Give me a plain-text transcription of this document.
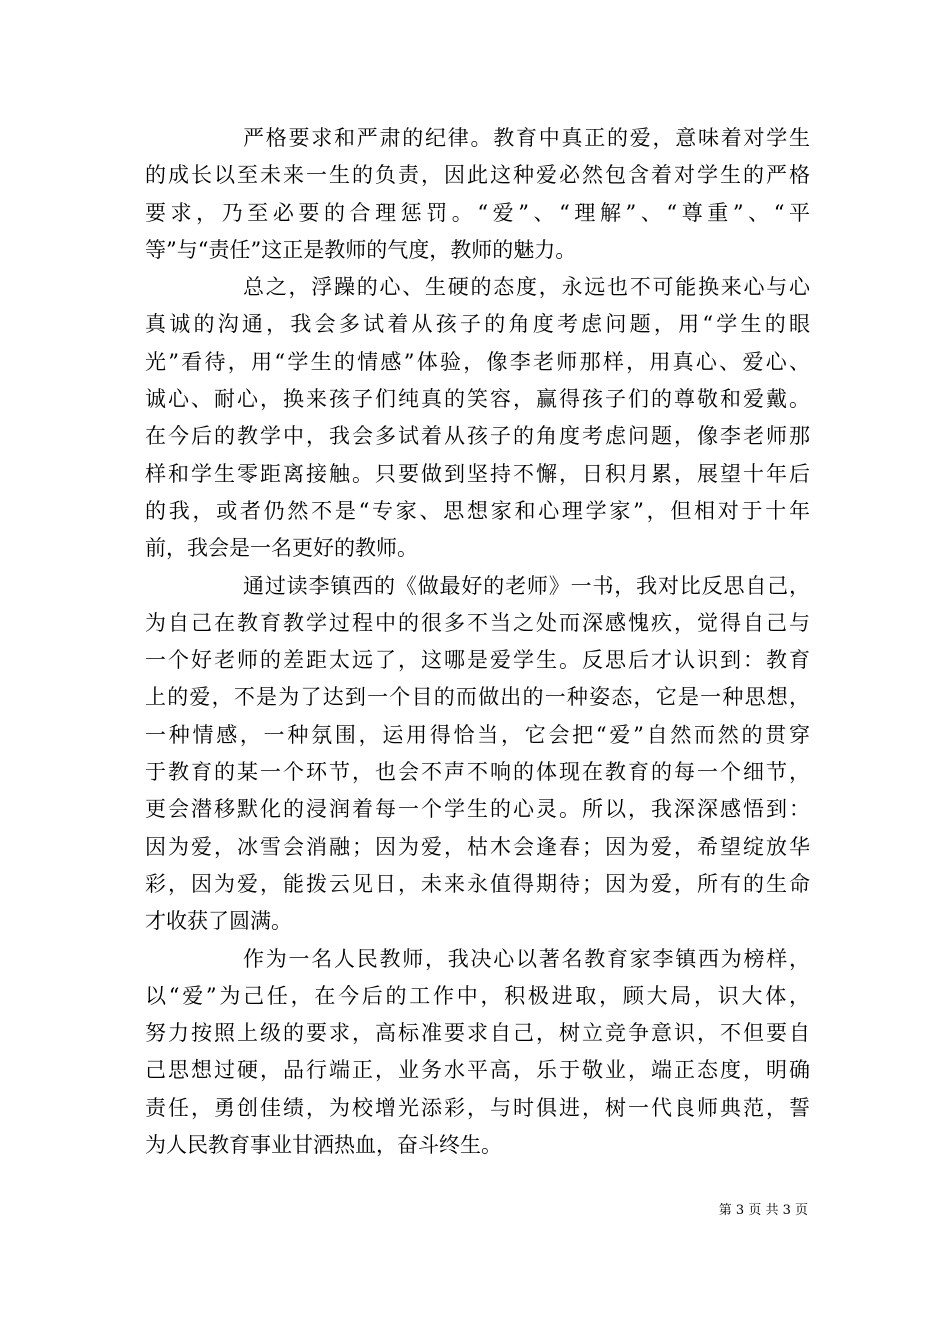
严格要求和严肃的纪律。教育中真正的爱，意味着对学生
的成长以至未来一生的负责，因此这种爱必然包含着对学生的严格
要求，乃至必要的合理惩罚。“爱”、“理解”、“尊重”、“平
等”与“责任”这正是教师的气度，教师的魅力。
总之，浮躁的心、生硬的态度，永远也不可能换来心与心
真诚的沟通，我会多试着从孩子的角度考虑问题，用“学生的眼
光”看待，用“学生的情感”体验，像李老师那样，用真心、爱心、
诚心、耐心，换来孩子们纯真的笑容，赢得孩子们的尊敬和爱戴。
在今后的教学中，我会多试着从孩子的角度考虑问题，像李老师那
样和学生零距离接触。只要做到坚持不懈，日积月累，展望十年后
的我，或者仍然不是“专家、思想家和心理学家”，但相对于十年
前，我会是一名更好的教师。
通过读李镇西的《做最好的老师》一书，我对比反思自己，
为自己在教育教学过程中的很多不当之处而深感愧疚，觉得自己与
一个好老师的差距太远了，这哪是爱学生。反思后才认识到：教育
上的爱，不是为了达到一个目的而做出的一种姿态，它是一种思想，
一种情感，一种氛围，运用得恰当，它会把“爱”自然而然的贯穿
于教育的某一个环节，也会不声不响的体现在教育的每一个细节，
更会潜移默化的浸润着每一个学生的心灵。所以，我深深感悟到：
因为爱，冰雪会消融；因为爱，枯木会逢春；因为爱，希望绽放华
彩，因为爱，能拨云见日，未来永值得期待；因为爱，所有的生命
才收获了圆满。
作为一名人民教师，我决心以著名教育家李镇西为榜样，
以“爱”为己任，在今后的工作中，积极进取，顾大局，识大体，
努力按照上级的要求，高标准要求自己，树立竞争意识，不但要自
己思想过硬，品行端正，业务水平高，乐于敬业，端正态度，明确
责任，勇创佳绩，为校增光添彩，与时俱进，树一代良师典范，誓
为人民教育事业甘洒热血，奋斗终生。
第 3 页 共 3 页
